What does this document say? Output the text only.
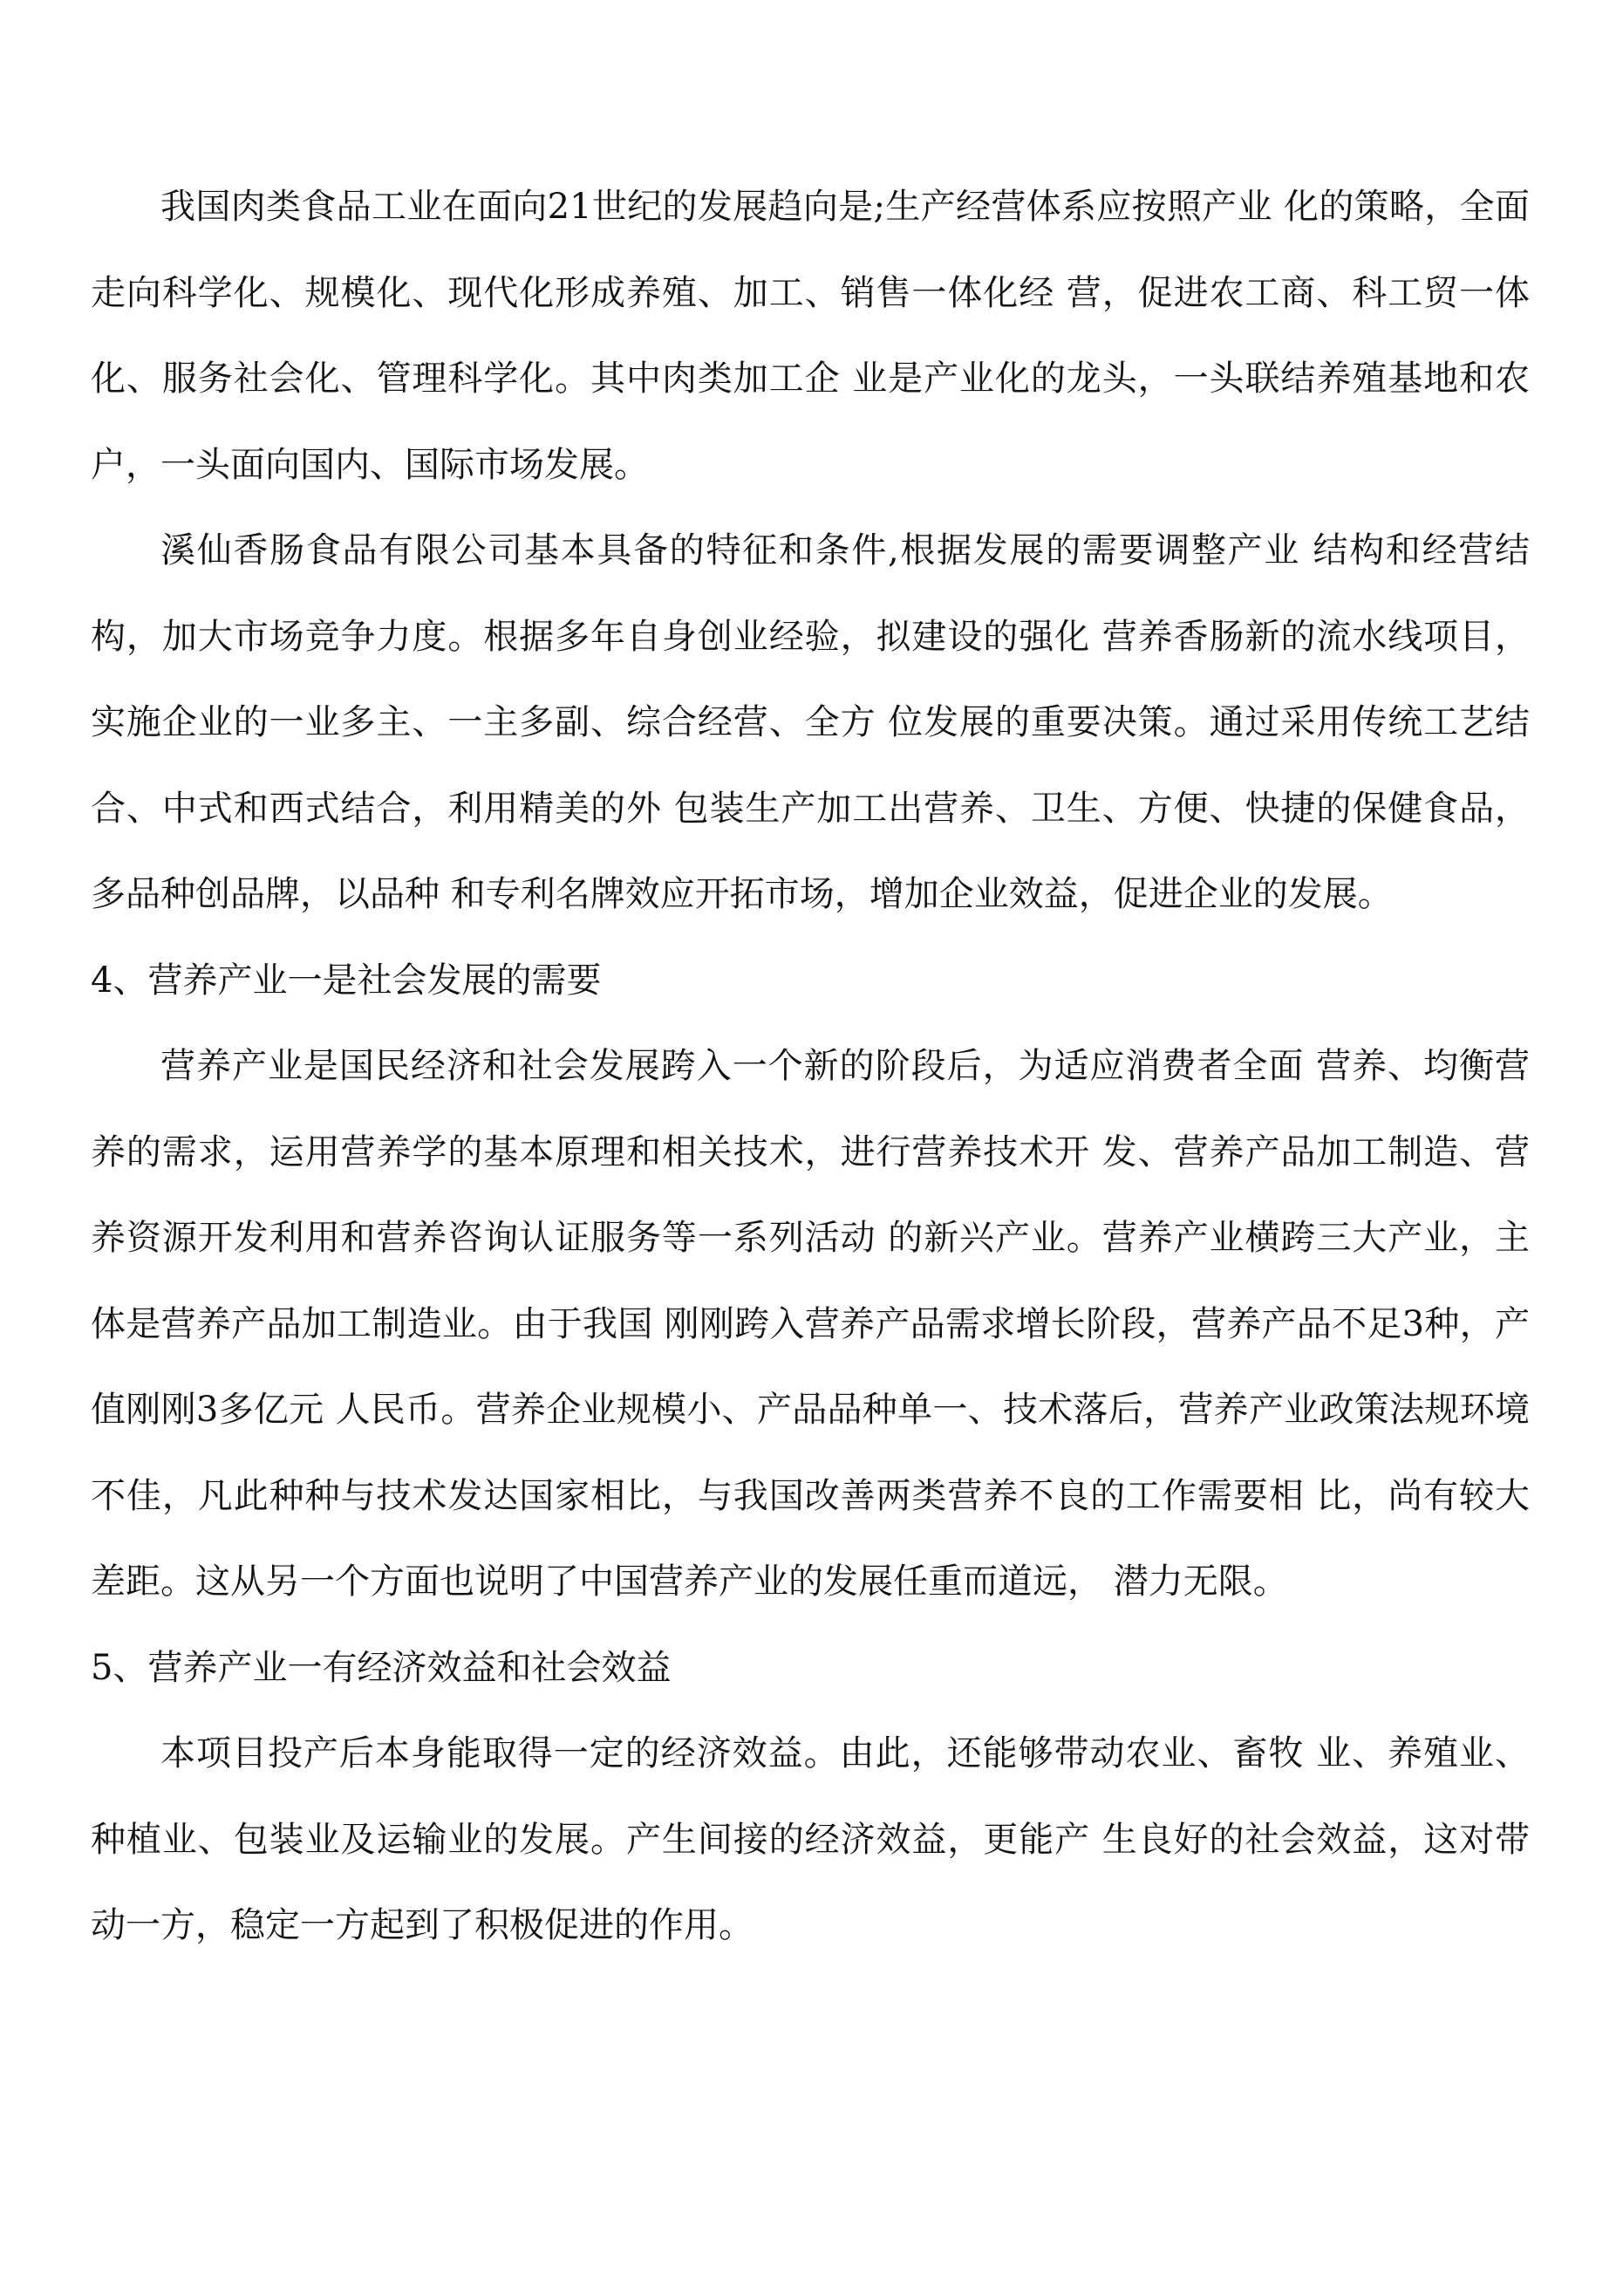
我国肉类食品工业在面向21世纪的发展趋向是;生产经营体系应按照产业 化的策略，全面走向科学化、规模化、现代化形成养殖、加工、销售一体化经 营，促进农工商、科工贸一体化、服务社会化、管理科学化。其中肉类加工企 业是产业化的龙头，一头联结养殖基地和农户，一头面向国内、国际市场发展。

溪仙香肠食品有限公司基本具备的特征和条件,根据发展的需要调整产业 结构和经营结构，加大市场竞争力度。根据多年自身创业经验，拟建设的强化 营养香肠新的流水线项目，实施企业的一业多主、一主多副、综合经营、全方 位发展的重要决策。通过采用传统工艺结合、中式和西式结合，利用精美的外 包装生产加工出营养、卫生、方便、快捷的保健食品，多品种创品牌，以品种 和专利名牌效应开拓市场，增加企业效益，促进企业的发展。

4、营养产业一是社会发展的需要

营养产业是国民经济和社会发展跨入一个新的阶段后，为适应消费者全面 营养、均衡营养的需求，运用营养学的基本原理和相关技术，进行营养技术开 发、营养产品加工制造、营养资源开发利用和营养咨询认证服务等一系列活动 的新兴产业。营养产业横跨三大产业，主体是营养产品加工制造业。由于我国 刚刚跨入营养产品需求增长阶段，营养产品不足3种，产值刚刚3多亿元 人民币。营养企业规模小、产品品种单一、技术落后，营养产业政策法规环境 不佳，凡此种种与技术发达国家相比，与我国改善两类营养不良的工作需要相 比，尚有较大差距。这从另一个方面也说明了中国营养产业的发展任重而道远， 潜力无限。

5、营养产业一有经济效益和社会效益

本项目投产后本身能取得一定的经济效益。由此，还能够带动农业、畜牧 业、养殖业、种植业、包装业及运输业的发展。产生间接的经济效益，更能产 生良好的社会效益，这对带动一方，稳定一方起到了积极促进的作用。
